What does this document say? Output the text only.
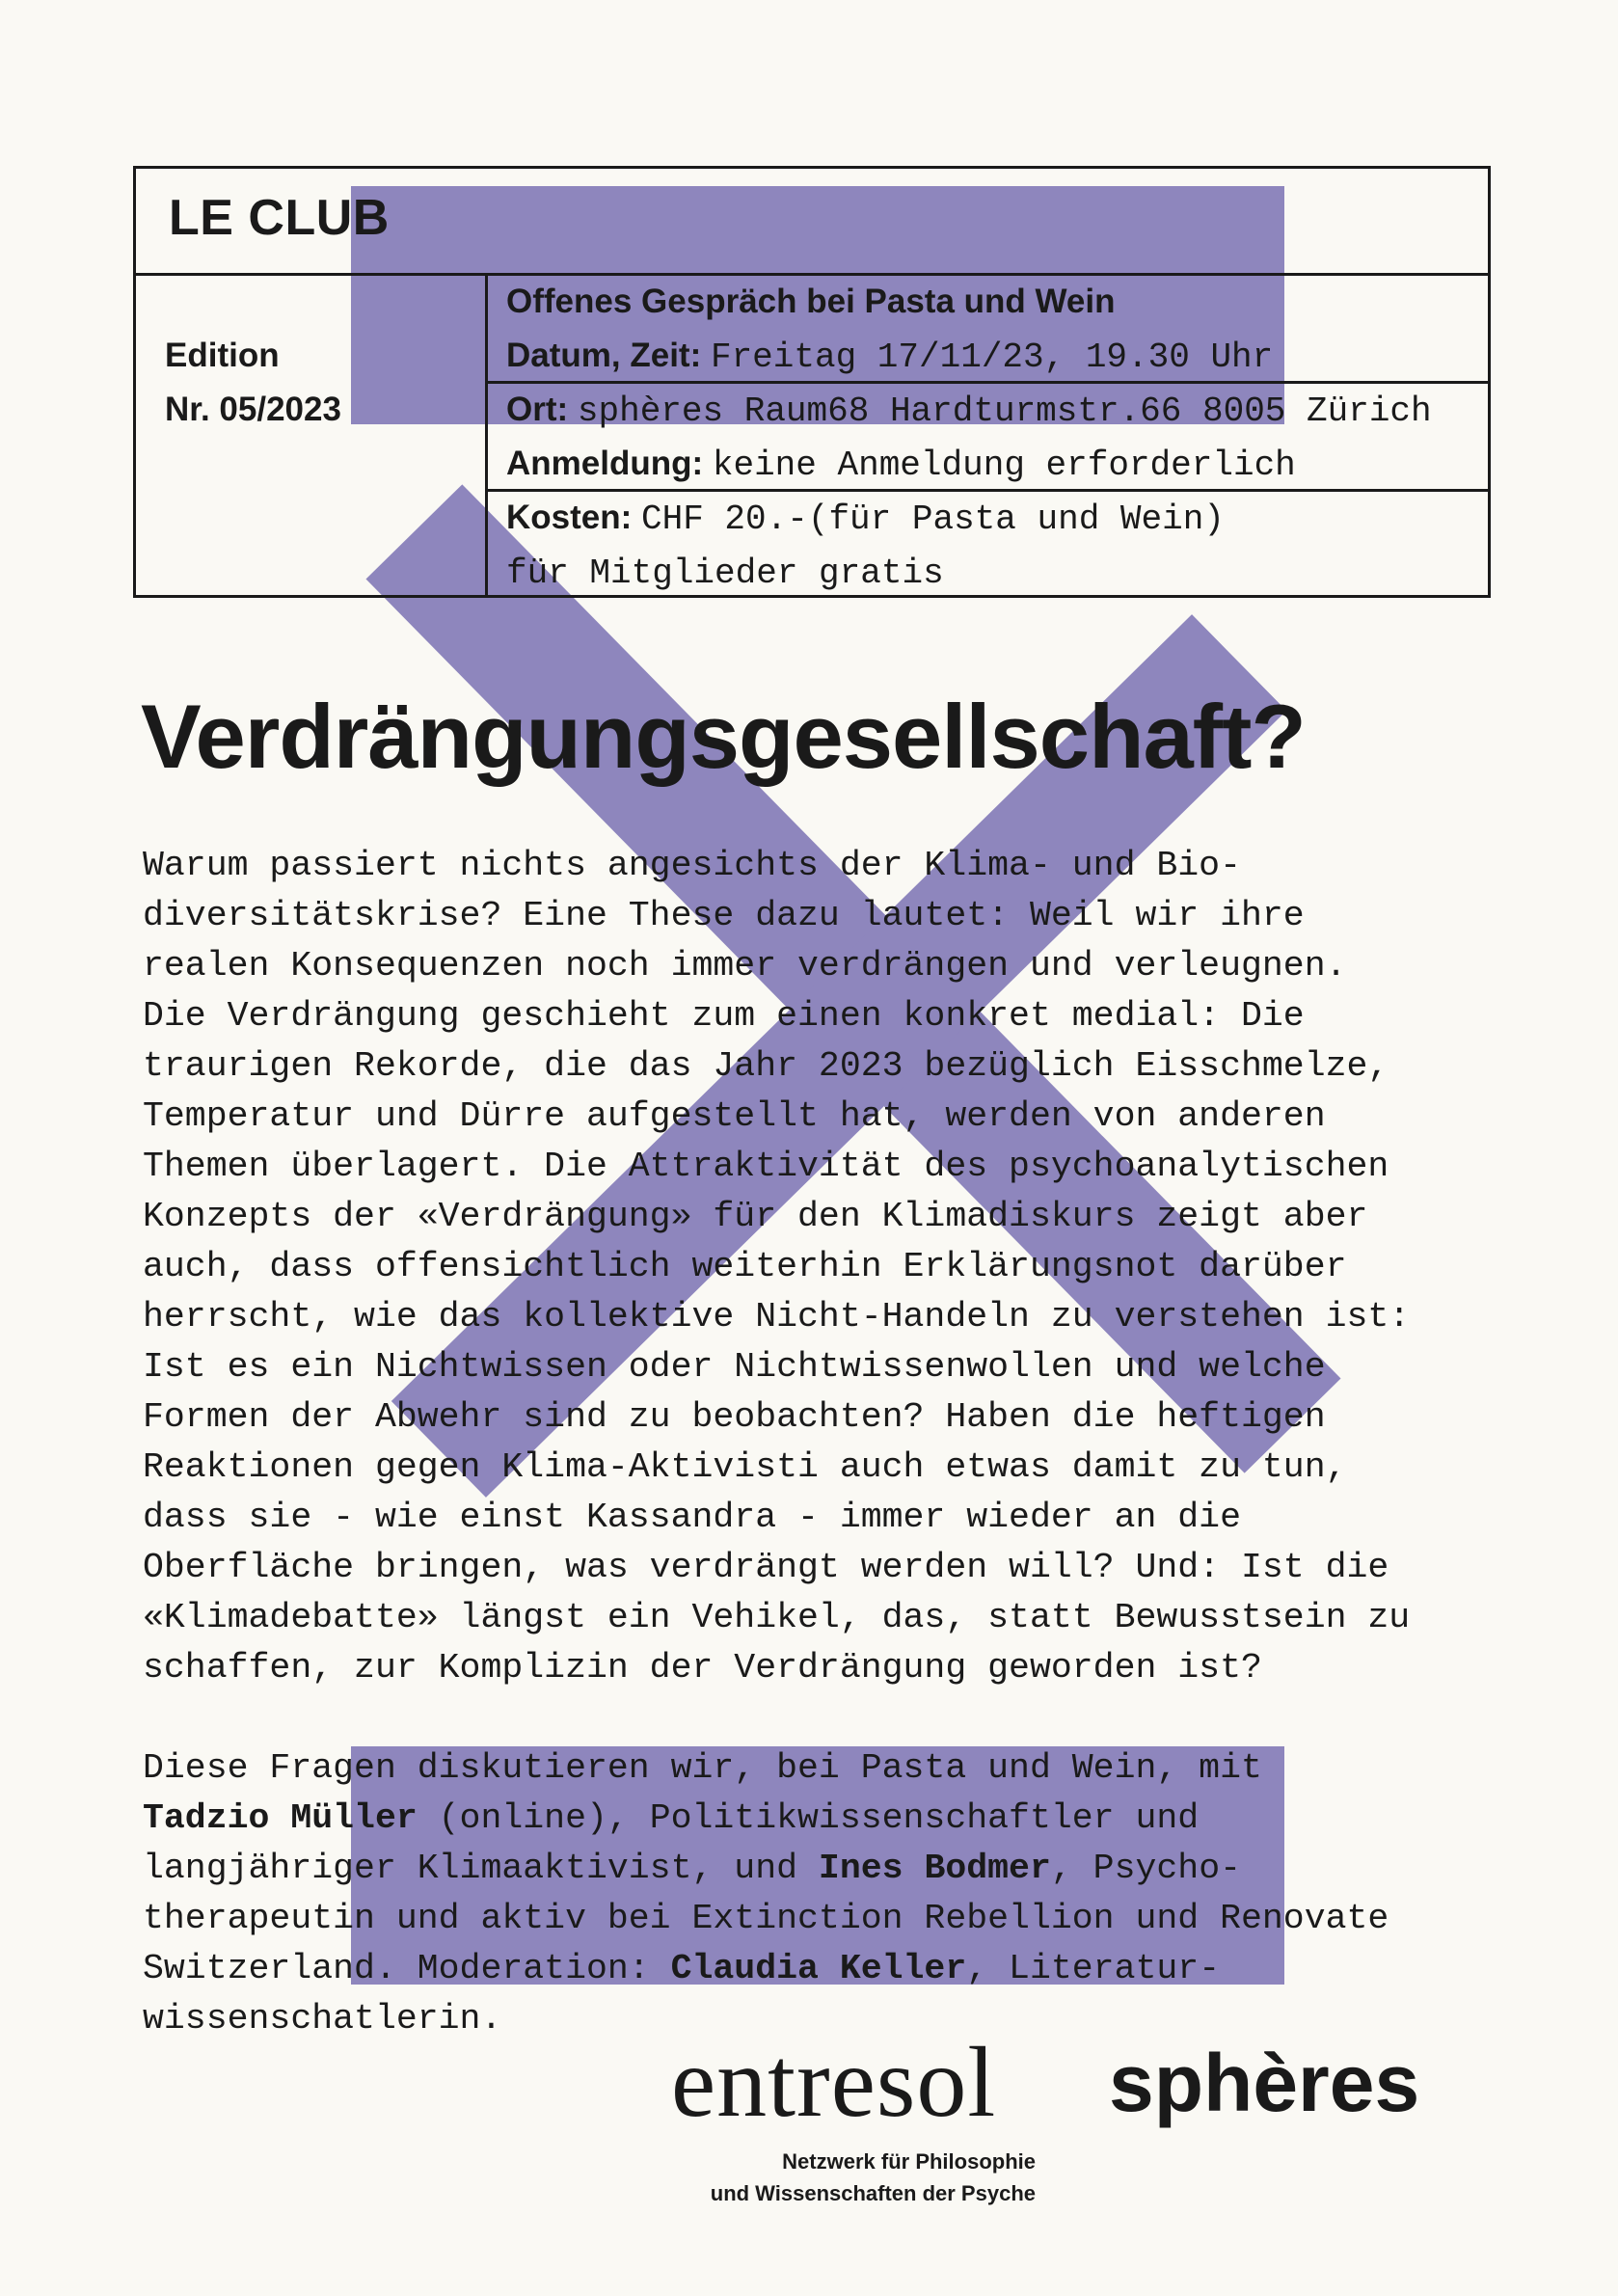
LE CLUB
Edition
Nr. 05/2023
Offenes Gespräch bei Pasta und Wein
Datum, Zeit: Freitag 17/11/23, 19.30 Uhr
Ort: sphères Raum68 Hardturmstr.66 8005 Zürich
Anmeldung: keine Anmeldung erforderlich
Kosten: CHF 20.-(für Pasta und Wein)
für Mitglieder gratis
Verdrängungsgesellschaft?
Warum passiert nichts angesichts der Klima- und Bio-
diversitätskrise? Eine These dazu lautet: Weil wir ihre
realen Konsequenzen noch immer verdrängen und verleugnen.
Die Verdrängung geschieht zum einen konkret medial: Die
traurigen Rekorde, die das Jahr 2023 bezüglich Eisschmelze,
Temperatur und Dürre aufgestellt hat, werden von anderen
Themen überlagert. Die Attraktivität des psychoanalytischen
Konzepts der «Verdrängung» für den Klimadiskurs zeigt aber
auch, dass offensichtlich weiterhin Erklärungsnot darüber
herrscht, wie das kollektive Nicht-Handeln zu verstehen ist:
Ist es ein Nichtwissen oder Nichtwissenwollen und welche
Formen der Abwehr sind zu beobachten? Haben die heftigen
Reaktionen gegen Klima-Aktivisti auch etwas damit zu tun,
dass sie - wie einst Kassandra - immer wieder an die
Oberfläche bringen, was verdrängt werden will? Und: Ist die
«Klimadebatte» längst ein Vehikel, das, statt Bewusstsein zu
schaffen, zur Komplizin der Verdrängung geworden ist?
Diese Fragen diskutieren wir, bei Pasta und Wein, mit
Tadzio Müller (online), Politikwissenschaftler und
langjähriger Klimaaktivist, und Ines Bodmer, Psycho-
therapeutin und aktiv bei Extinction Rebellion und Renovate
Switzerland. Moderation: Claudia Keller, Literatur-
wissenschatlerin.
entresol sphères
Netzwerk für Philosophie
und Wissenschaften der Psyche
